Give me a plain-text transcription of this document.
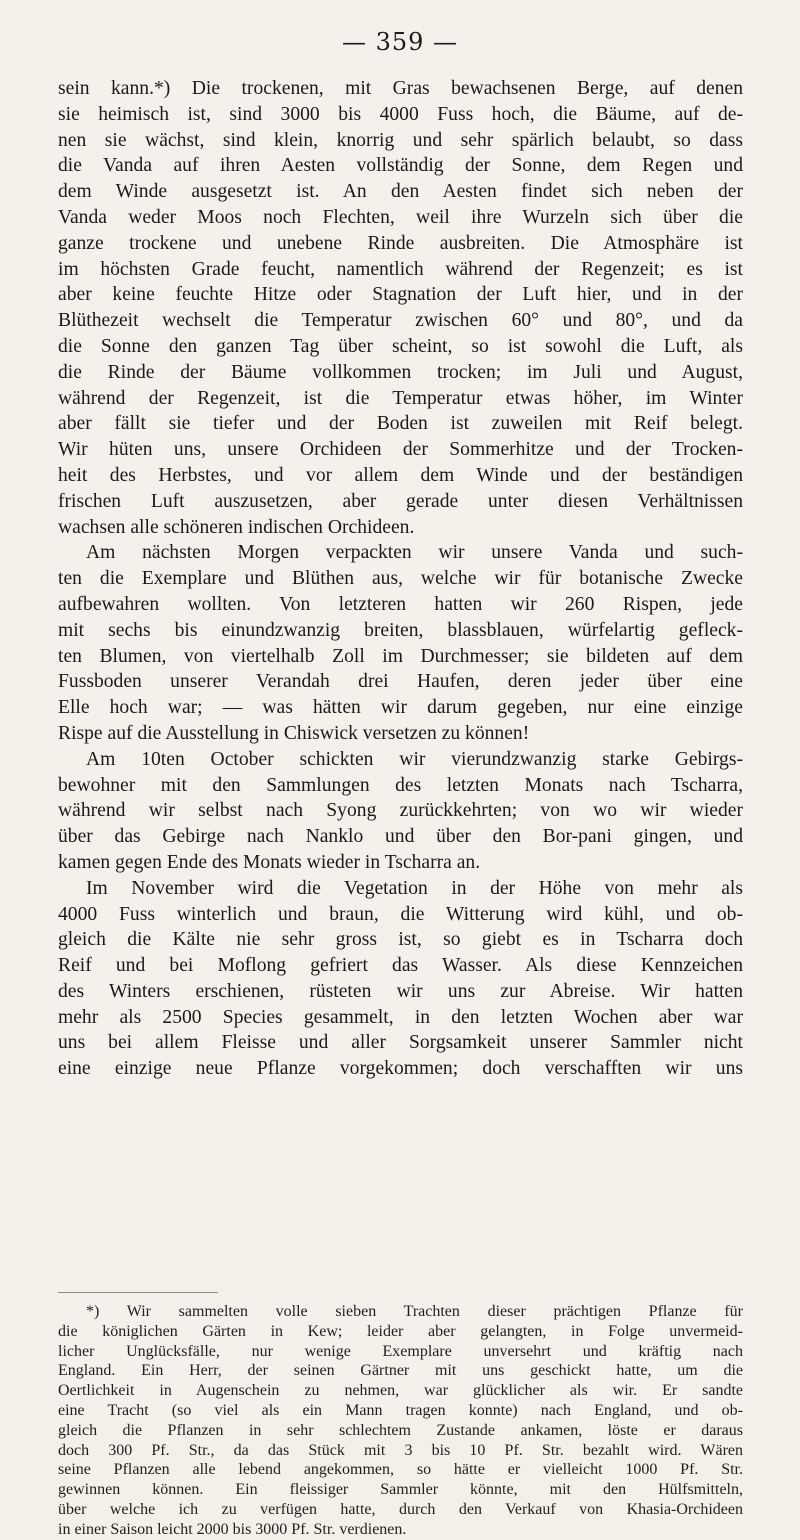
— 359 —
sein kann.*) Die trockenen, mit Gras bewachsenen Berge, auf denen
sie heimisch ist, sind 3000 bis 4000 Fuss hoch, die Bäume, auf de-
nen sie wächst, sind klein, knorrig und sehr spärlich belaubt, so dass
die Vanda auf ihren Aesten vollständig der Sonne, dem Regen und
dem Winde ausgesetzt ist. An den Aesten findet sich neben der
Vanda weder Moos noch Flechten, weil ihre Wurzeln sich über die
ganze trockene und unebene Rinde ausbreiten. Die Atmosphäre ist
im höchsten Grade feucht, namentlich während der Regenzeit; es ist
aber keine feuchte Hitze oder Stagnation der Luft hier, und in der
Blüthezeit wechselt die Temperatur zwischen 60° und 80°, und da
die Sonne den ganzen Tag über scheint, so ist sowohl die Luft, als
die Rinde der Bäume vollkommen trocken; im Juli und August,
während der Regenzeit, ist die Temperatur etwas höher, im Winter
aber fällt sie tiefer und der Boden ist zuweilen mit Reif belegt.
Wir hüten uns, unsere Orchideen der Sommerhitze und der Trocken-
heit des Herbstes, und vor allem dem Winde und der beständigen
frischen Luft auszusetzen, aber gerade unter diesen Verhältnissen
wachsen alle schöneren indischen Orchideen.
Am nächsten Morgen verpackten wir unsere Vanda und such-
ten die Exemplare und Blüthen aus, welche wir für botanische Zwecke
aufbewahren wollten. Von letzteren hatten wir 260 Rispen, jede
mit sechs bis einundzwanzig breiten, blassblauen, würfelartig gefleck-
ten Blumen, von viertelhalb Zoll im Durchmesser; sie bildeten auf dem
Fussboden unserer Verandah drei Haufen, deren jeder über eine
Elle hoch war; — was hätten wir darum gegeben, nur eine einzige
Rispe auf die Ausstellung in Chiswick versetzen zu können!
Am 10ten October schickten wir vierundzwanzig starke Gebirgs-
bewohner mit den Sammlungen des letzten Monats nach Tscharra,
während wir selbst nach Syong zurückkehrten; von wo wir wieder
über das Gebirge nach Nanklo und über den Bor-pani gingen, und
kamen gegen Ende des Monats wieder in Tscharra an.
Im November wird die Vegetation in der Höhe von mehr als
4000 Fuss winterlich und braun, die Witterung wird kühl, und ob-
gleich die Kälte nie sehr gross ist, so giebt es in Tscharra doch
Reif und bei Moflong gefriert das Wasser. Als diese Kennzeichen
des Winters erschienen, rüsteten wir uns zur Abreise. Wir hatten
mehr als 2500 Species gesammelt, in den letzten Wochen aber war
uns bei allem Fleisse und aller Sorgsamkeit unserer Sammler nicht
eine einzige neue Pflanze vorgekommen; doch verschafften wir uns
*) Wir sammelten volle sieben Trachten dieser prächtigen Pflanze für
die königlichen Gärten in Kew; leider aber gelangten, in Folge unvermeid-
licher Unglücksfälle, nur wenige Exemplare unversehrt und kräftig nach
England. Ein Herr, der seinen Gärtner mit uns geschickt hatte, um die
Oertlichkeit in Augenschein zu nehmen, war glücklicher als wir. Er sandte
eine Tracht (so viel als ein Mann tragen konnte) nach England, und ob-
gleich die Pflanzen in sehr schlechtem Zustande ankamen, löste er daraus
doch 300 Pf. Str., da das Stück mit 3 bis 10 Pf. Str. bezahlt wird. Wären
seine Pflanzen alle lebend angekommen, so hätte er vielleicht 1000 Pf. Str.
gewinnen können. Ein fleissiger Sammler könnte, mit den Hülfsmitteln,
über welche ich zu verfügen hatte, durch den Verkauf von Khasia-Orchideen
in einer Saison leicht 2000 bis 3000 Pf. Str. verdienen.
